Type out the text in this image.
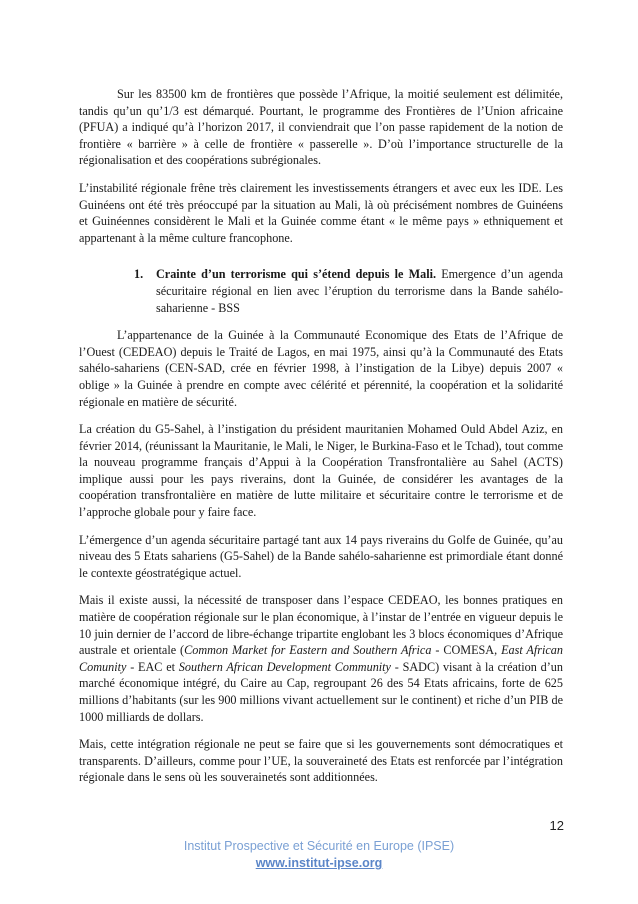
Sur les 83500 km de frontières que possède l’Afrique, la moitié seulement est délimitée, tandis qu’un qu’1/3 est démarqué. Pourtant, le programme des Frontières de l’Union africaine (PFUA) a indiqué qu’à l’horizon 2017, il conviendrait que l’on passe rapidement de la notion de frontière « barrière » à celle de frontière « passerelle ». D’où l’importance structurelle de la régionalisation et des coopérations subrégionales.

L’instabilité régionale frêne très clairement les investissements étrangers et avec eux les IDE. Les Guinéens ont été très préoccupé par la situation au Mali, là où précisément nombres de Guinéens et Guinéennes considèrent le Mali et la Guinée comme étant « le même pays » ethniquement et appartenant à la même culture francophone.

1.	Crainte d’un terrorisme qui s’étend depuis le Mali. Emergence d’un agenda sécuritaire régional en lien avec l’éruption du terrorisme dans la Bande sahélo-saharienne - BSS

L’appartenance de la Guinée à la Communauté Economique des Etats de l’Afrique de l’Ouest (CEDEAO) depuis le Traité de Lagos, en mai 1975, ainsi qu’à la Communauté des Etats sahélo-sahariens (CEN-SAD, crée en février 1998, à l’instigation de la Libye) depuis 2007 « oblige » la Guinée à prendre en compte avec célérité et pérennité, la coopération et la solidarité régionale en matière de sécurité.

La création du G5-Sahel, à l’instigation du président mauritanien Mohamed Ould Abdel Aziz, en février 2014, (réunissant la Mauritanie, le Mali, le Niger, le Burkina-Faso et le Tchad), tout comme la nouveau programme français d’Appui à la Coopération Transfrontalière au Sahel (ACTS) implique aussi pour les pays riverains, dont la Guinée, de considérer les avantages de la coopération transfrontalière en matière de lutte militaire et sécuritaire contre le terrorisme et de l’approche globale pour y faire face.

L’émergence d’un agenda sécuritaire partagé tant aux 14 pays riverains du Golfe de Guinée, qu’au niveau des 5 Etats sahariens (G5-Sahel) de la Bande sahélo-saharienne est primordiale étant donné le contexte géostratégique actuel.

Mais il existe aussi, la nécessité de transposer dans l’espace CEDEAO, les bonnes pratiques en matière de coopération régionale sur le plan économique, à l’instar de l’entrée en vigueur depuis le 10 juin dernier de l’accord de libre-échange tripartite englobant les 3 blocs économiques d’Afrique australe et orientale (Common Market for Eastern and Southern Africa - COMESA, East African Comunity - EAC et Southern African Development Community - SADC) visant à la création d’un marché économique intégré, du Caire au Cap, regroupant 26 des 54 Etats africains, forte de 625 millions d’habitants (sur les 900 millions vivant actuellement sur le continent) et riche d’un PIB de 1000 milliards de dollars.

Mais, cette intégration régionale ne peut se faire que si les gouvernements sont démocratiques et transparents. D’ailleurs, comme pour l’UE, la souveraineté des Etats est renforcée par l’intégration régionale dans le sens où les souverainetés sont additionnées.

12
Institut Prospective et Sécurité en Europe (IPSE)
www.institut-ipse.org
